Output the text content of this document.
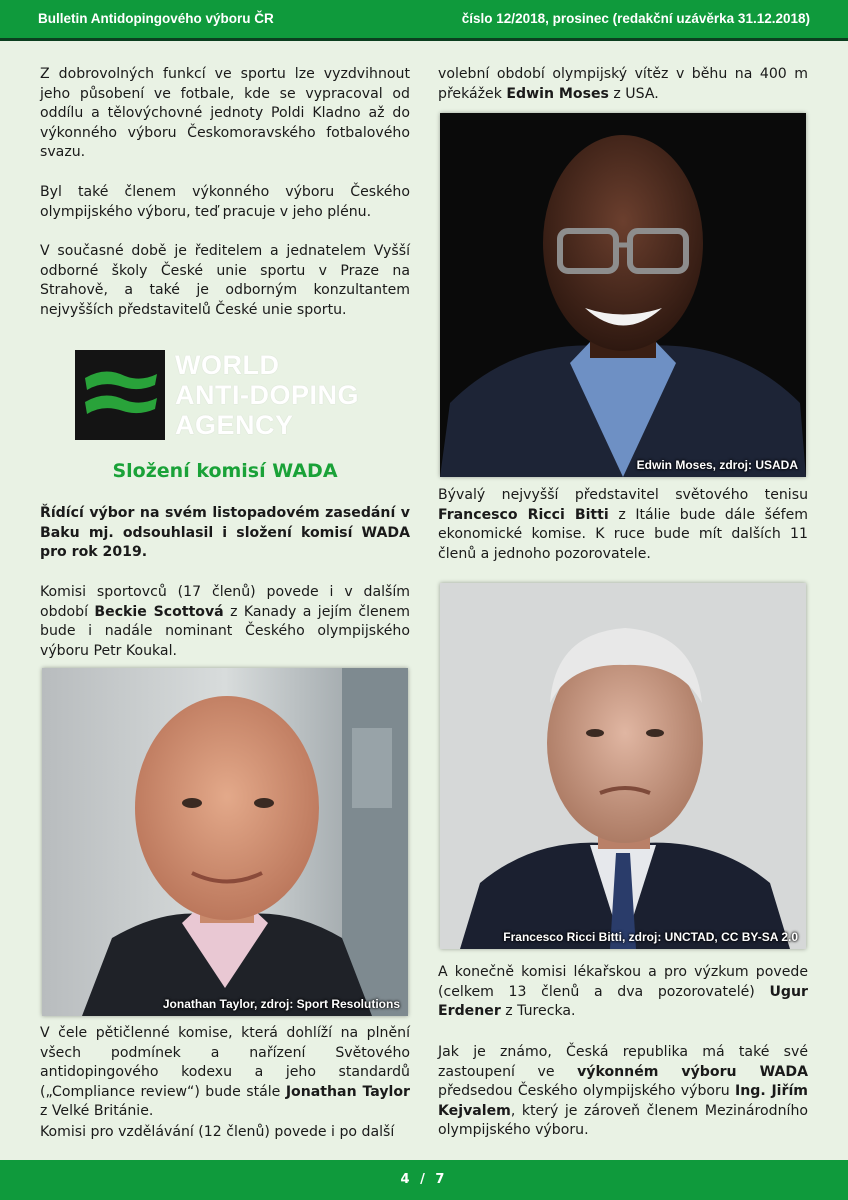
Bulletin Antidopingového výboru ČR	číslo 12/2018, prosinec (redakční uzávěrka 31.12.2018)

Z dobrovolných funkcí ve sportu lze vyzdvihnout jeho působení ve fotbale, kde se vypracoval od oddílu a tělovýchovné jednoty Poldi Kladno až do výkonného výboru Českomoravského fotbalového svazu.

Byl také členem výkonného výboru Českého olympijského výboru, teď pracuje v jeho plénu.

V současné době je ředitelem a jednatelem Vyšší odborné školy České unie sportu v Praze na Strahově, a také je odborným konzultantem nejvyšších představitelů České unie sportu.

WORLD
ANTI-DOPING
AGENCY
Složení komisí WADA

Řídící výbor na svém listopadovém zasedání v Baku mj. odsouhlasil i složení komisí WADA pro rok 2019.

Komisi sportovců (17 členů) povede i v dalším období Beckie Scottová z Kanady a jejím členem bude i nadále nominant Českého olympijského výboru Petr Koukal.

Jonathan Taylor, zdroj: Sport Resolutions

V čele pětičlenné komise, která dohlíží na plnění všech podmínek a nařízení Světového antidopingového kodexu a jeho standardů („Compliance review“) bude stále Jonathan Taylor z Velké Británie.

Komisi pro vzdělávání (12 členů) povede i po další

volební období olympijský vítěz v běhu na 400 m překážek Edwin Moses z USA.

Edwin Moses, zdroj: USADA

Bývalý nejvyšší představitel světového tenisu Francesco Ricci Bitti z Itálie bude dále šéfem ekonomické komise. K ruce bude mít dalších 11 členů a jednoho pozorovatele.

Francesco Ricci Bitti, zdroj: UNCTAD, CC BY-SA 2.0

A konečně komisi lékařskou a pro výzkum povede (celkem 13 členů a dva pozorovatelé) Ugur Erdener z Turecka.

Jak je známo, Česká republika má také své zastoupení ve výkonném výboru WADA předsedou Českého olympijského výboru Ing. Jiřím Kejvalem, který je zároveň členem Mezinárodního olympijského výboru.

4 / 7
